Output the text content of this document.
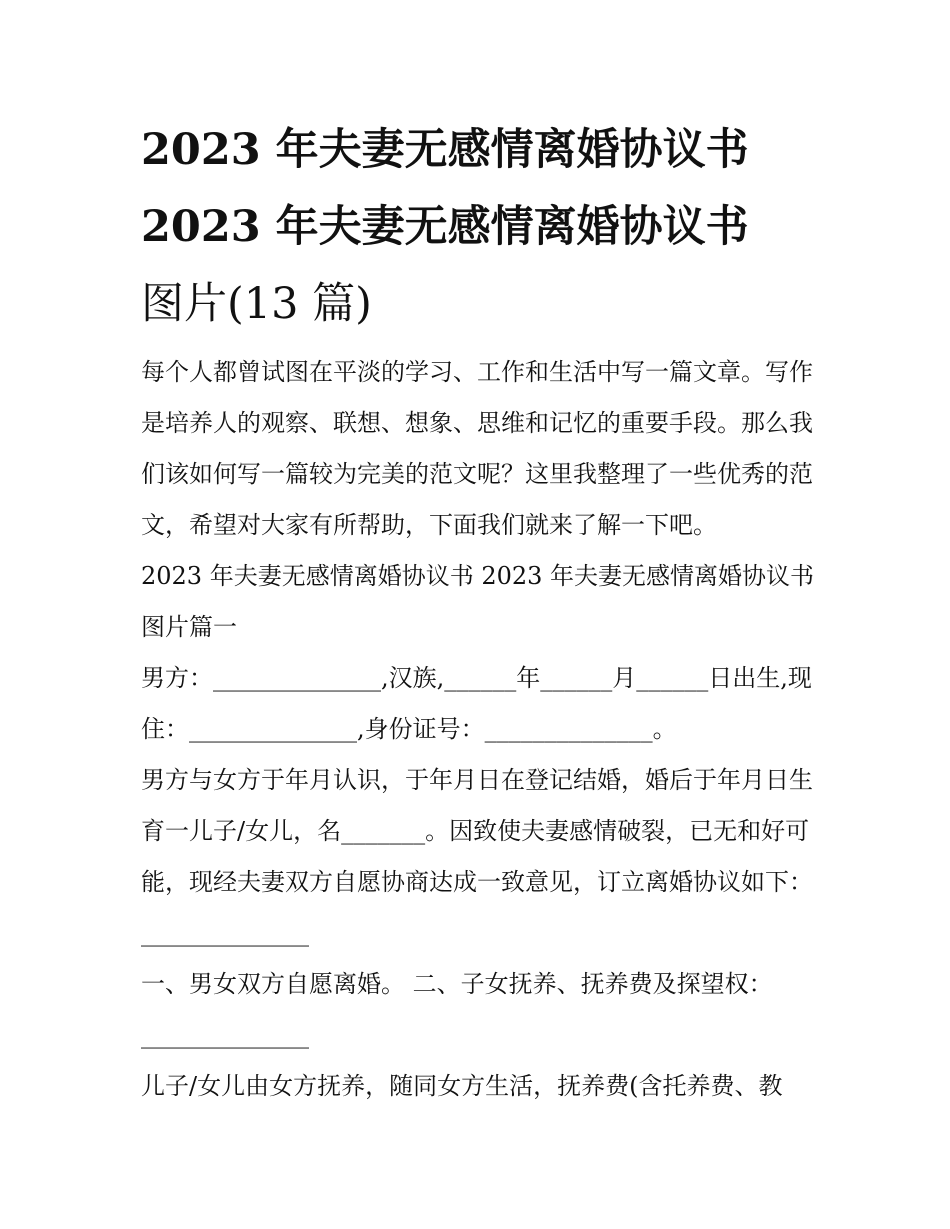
2023 年夫妻无感情离婚协议书
2023 年夫妻无感情离婚协议书
图片(13 篇)

每个人都曾试图在平淡的学习、工作和生活中写一篇文章。写作是培养人的观察、联想、想象、思维和记忆的重要手段。那么我们该如何写一篇较为完美的范文呢？这里我整理了一些优秀的范文，希望对大家有所帮助，下面我们就来了解一下吧。

2023 年夫妻无感情离婚协议书 2023 年夫妻无感情离婚协议书图片篇一

男方：______________,汉族,______年______月______日出生,现住：______________,身份证号：______________。

男方与女方于年月认识，于年月日在登记结婚，婚后于年月日生育一儿子/女儿，名_______。因致使夫妻感情破裂，已无和好可能，现经夫妻双方自愿协商达成一致意见，订立离婚协议如下：______________

一、男女双方自愿离婚。 二、子女抚养、抚养费及探望权：______________

儿子/女儿由女方抚养，随同女方生活，抚养费(含托养费、教
